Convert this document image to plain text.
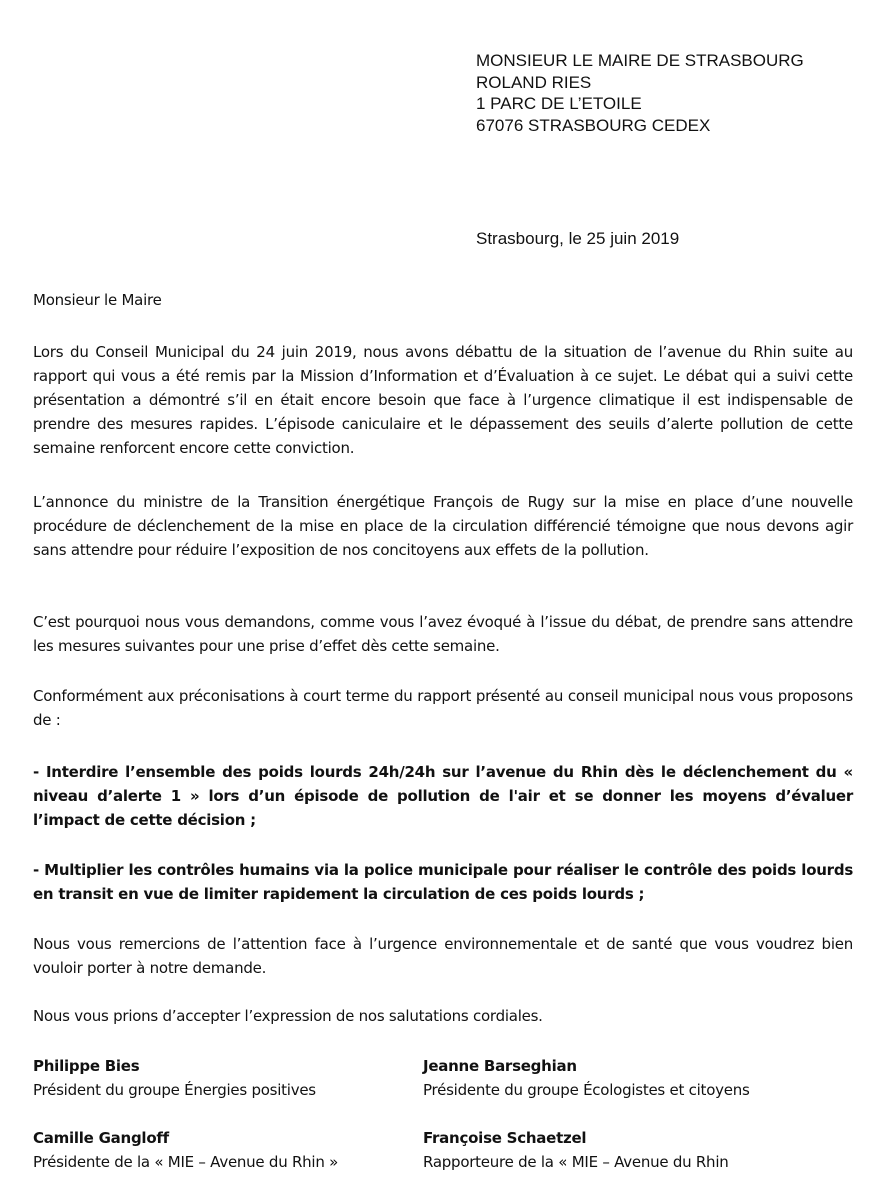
MONSIEUR LE MAIRE DE STRASBOURG
ROLAND RIES
1 PARC DE L’ETOILE
67076 STRASBOURG CEDEX
Strasbourg, le 25 juin 2019
Monsieur le Maire
Lors du Conseil Municipal du 24 juin 2019, nous avons débattu de la situation de l’avenue du Rhin suite au rapport qui vous a été remis par la Mission d’Information et d’Évaluation à ce sujet. Le débat qui a suivi cette présentation a démontré s’il en était encore besoin que face à l’urgence climatique il est indispensable de prendre des mesures rapides. L’épisode caniculaire et le dépassement des seuils d’alerte pollution de cette semaine renforcent encore cette conviction.
L’annonce du ministre de la Transition énergétique François de Rugy sur la mise en place d’une nouvelle procédure de déclenchement de la mise en place de la circulation différencié témoigne que nous devons agir sans attendre pour réduire l’exposition de nos concitoyens aux effets de la pollution.
C’est pourquoi nous vous demandons, comme vous l’avez évoqué à l’issue du débat, de prendre sans attendre les mesures suivantes pour une prise d’effet dès cette semaine.
Conformément aux préconisations à court terme du rapport présenté au conseil municipal nous vous proposons de :
- Interdire l’ensemble des poids lourds 24h/24h sur l’avenue du Rhin dès le déclenchement du « niveau d’alerte 1 » lors d’un épisode de pollution de l'air et se donner les moyens d’évaluer l’impact de cette décision ;
- Multiplier les contrôles humains via la police municipale pour réaliser le contrôle des poids lourds en transit en vue de limiter rapidement la circulation de ces poids lourds ;
Nous vous remercions de l’attention face à l’urgence environnementale et de santé que vous voudrez bien vouloir porter à notre demande.
Nous vous prions d’accepter l’expression de nos salutations cordiales.
Philippe Bies
Président du groupe Énergies positives
Jeanne Barseghian
Présidente du groupe Écologistes et citoyens
Camille Gangloff
Présidente de la « MIE – Avenue du Rhin »
Françoise Schaetzel
Rapporteure de la « MIE – Avenue du Rhin
